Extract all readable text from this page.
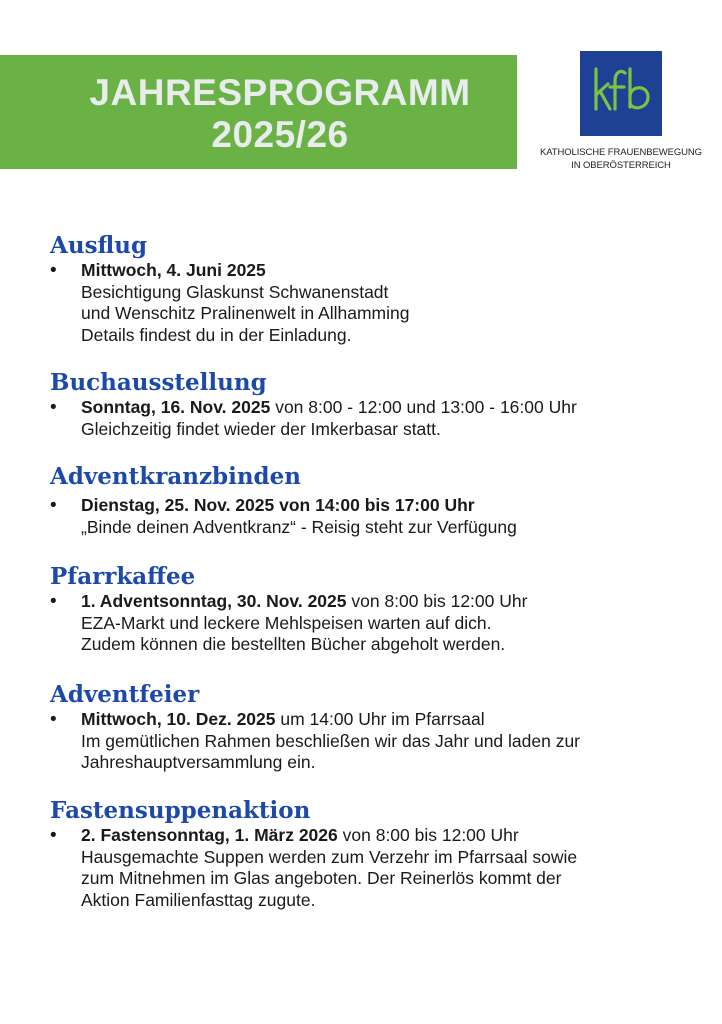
JAHRESPROGRAMM
2025/26	KATHOLISCHE FRAUENBEWEGUNG
IN OBERÖSTERREICH
Ausflug
• Mittwoch, 4. Juni 2025
Besichtigung Glaskunst Schwanenstadt
und Wenschitz Pralinenwelt in Allhamming
Details findest du in der Einladung.
Buchausstellung
• Sonntag, 16. Nov. 2025 von 8:00 - 12:00 und 13:00 - 16:00 Uhr
Gleichzeitig findet wieder der Imkerbasar statt.
Adventkranzbinden
• Dienstag, 25. Nov. 2025 von 14:00 bis 17:00 Uhr
„Binde deinen Adventkranz“ - Reisig steht zur Verfügung
Pfarrkaffee
• 1. Adventsonntag, 30. Nov. 2025 von 8:00 bis 12:00 Uhr
EZA-Markt und leckere Mehlspeisen warten auf dich.
Zudem können die bestellten Bücher abgeholt werden.
Adventfeier
• Mittwoch, 10. Dez. 2025 um 14:00 Uhr im Pfarrsaal
Im gemütlichen Rahmen beschließen wir das Jahr und laden zur
Jahreshauptversammlung ein.
Fastensuppenaktion
• 2. Fastensonntag, 1. März 2026 von 8:00 bis 12:00 Uhr
Hausgemachte Suppen werden zum Verzehr im Pfarrsaal sowie
zum Mitnehmen im Glas angeboten. Der Reinerlös kommt der
Aktion Familienfasttag zugute.
